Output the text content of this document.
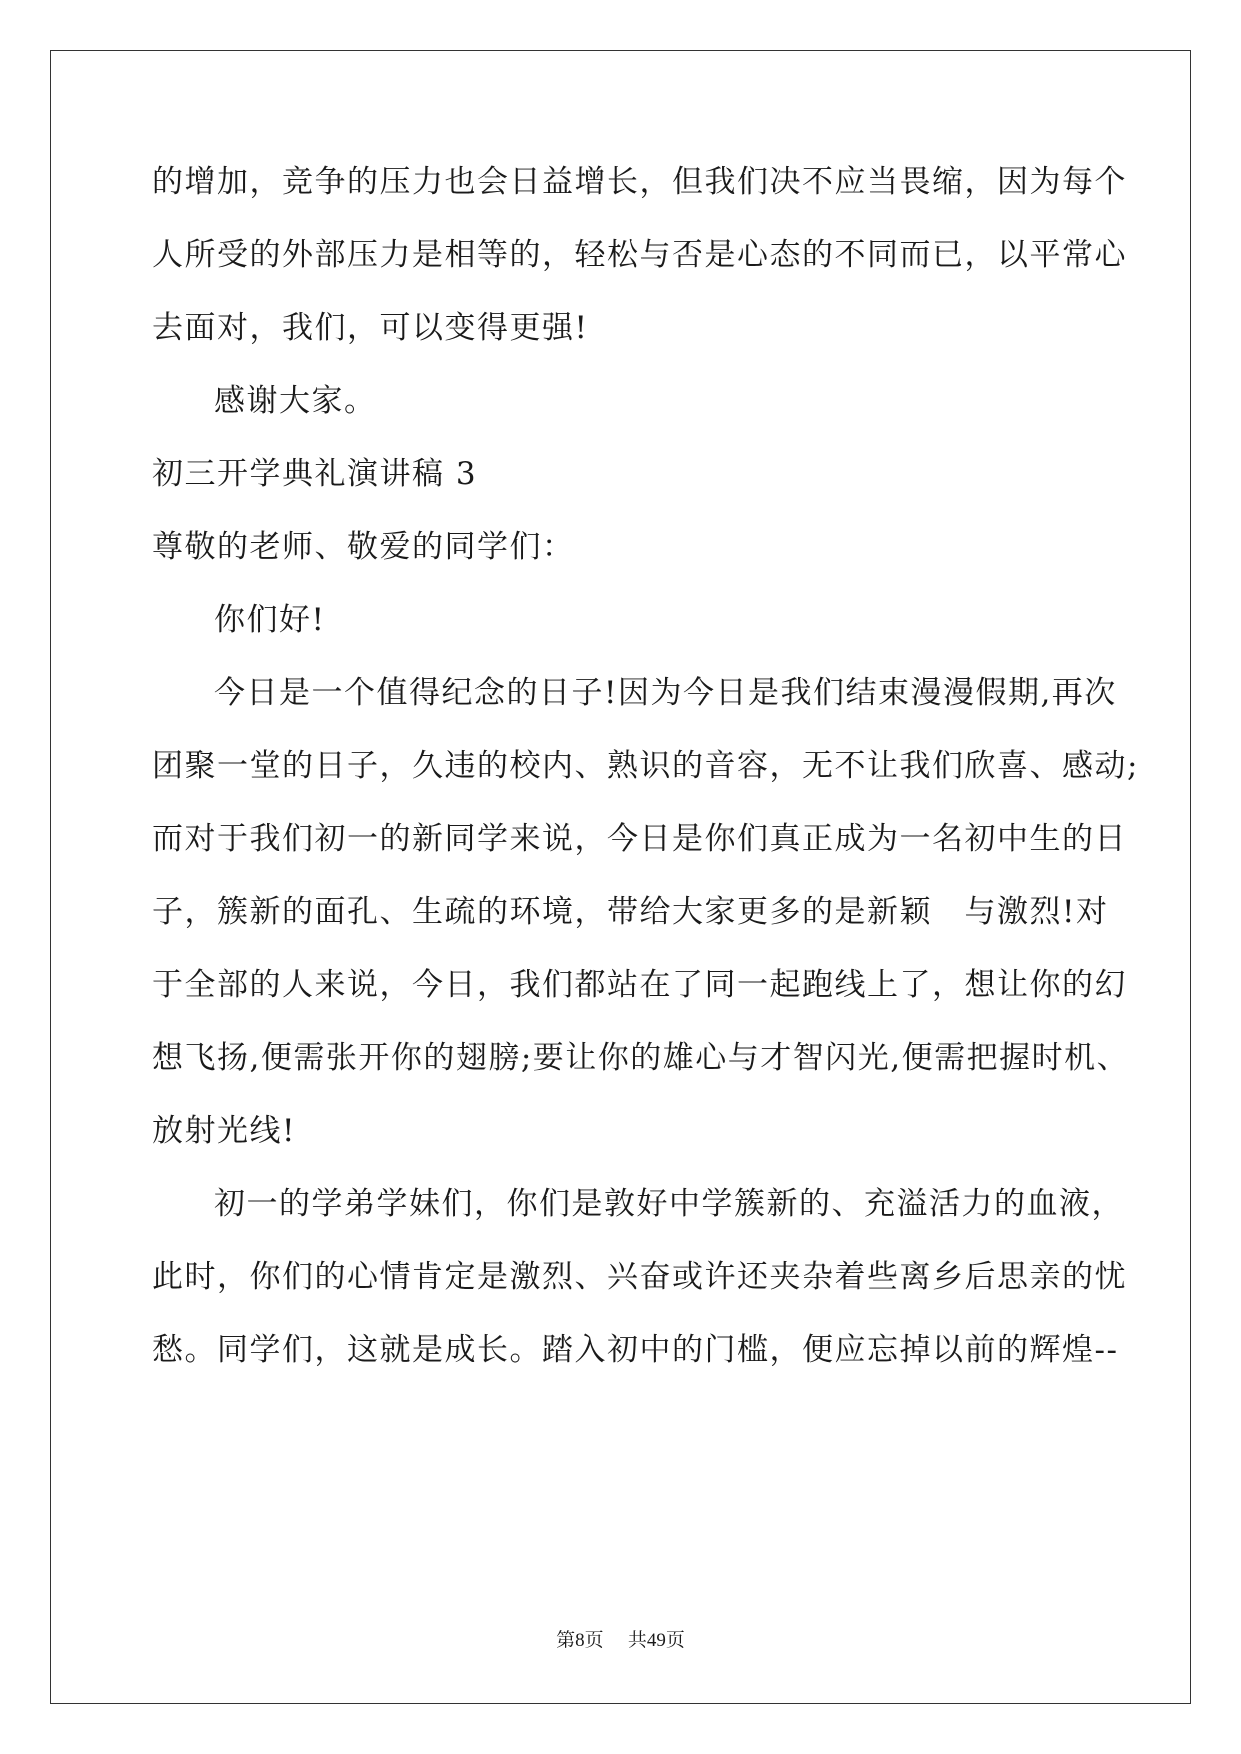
的增加，竞争的压力也会日益增长，但我们决不应当畏缩，因为每个
人所受的外部压力是相等的，轻松与否是心态的不同而已，以平常心
去面对，我们，可以变得更强!
感谢大家。
初三开学典礼演讲稿 3
尊敬的老师、敬爱的同学们：
你们好!
今日是一个值得纪念的日子!因为今日是我们结束漫漫假期,再次
团聚一堂的日子，久违的校内、熟识的音容，无不让我们欣喜、感动;
而对于我们初一的新同学来说，今日是你们真正成为一名初中生的日
子，簇新的面孔、生疏的环境，带给大家更多的是新颖　与激烈!对
于全部的人来说，今日，我们都站在了同一起跑线上了，想让你的幻
想飞扬,便需张开你的翅膀;要让你的雄心与才智闪光,便需把握时机、
放射光线!
初一的学弟学妹们，你们是敦好中学簇新的、充溢活力的血液，
此时，你们的心情肯定是激烈、兴奋或许还夹杂着些离乡后思亲的忧
愁。同学们，这就是成长。踏入初中的门槛，便应忘掉以前的辉煌--
第8页 共49页
